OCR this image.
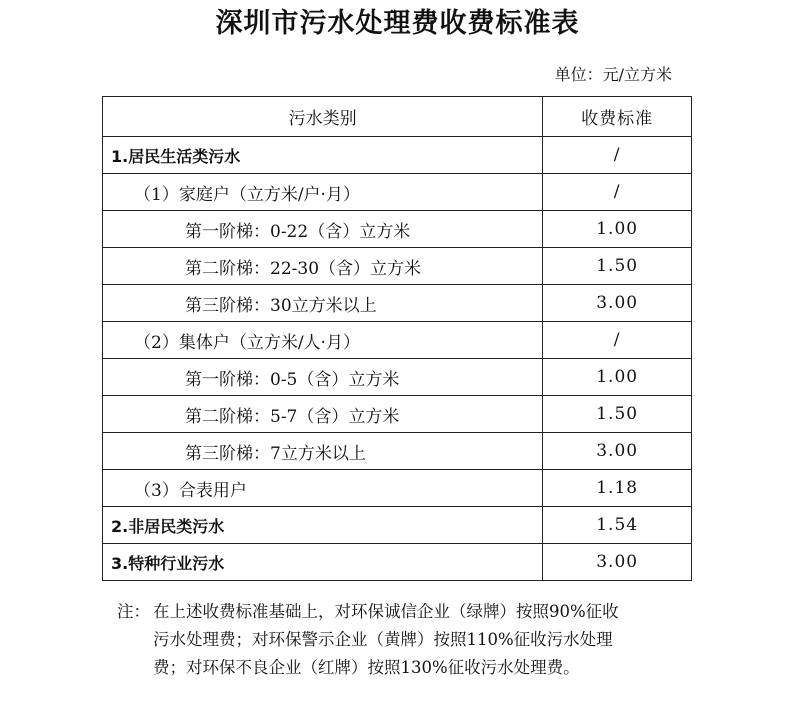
深圳市污水处理费收费标准表
单位：元/立方米
污水类别	收费标准
1.居民生活类污水	/
（1）家庭户（立方米/户·月）	/
第一阶梯：0-22（含）立方米	1.00
第二阶梯：22-30（含）立方米	1.50
第三阶梯：30立方米以上	3.00
（2）集体户（立方米/人·月）	/
第一阶梯：0-5（含）立方米	1.00
第二阶梯：5-7（含）立方米	1.50
第三阶梯：7立方米以上	3.00
（3）合表用户	1.18
2.非居民类污水	1.54
3.特种行业污水	3.00
注： 在上述收费标准基础上，对环保诚信企业（绿牌）按照90%征收
污水处理费；对环保警示企业（黄牌）按照110%征收污水处理
费；对环保不良企业（红牌）按照130%征收污水处理费。
